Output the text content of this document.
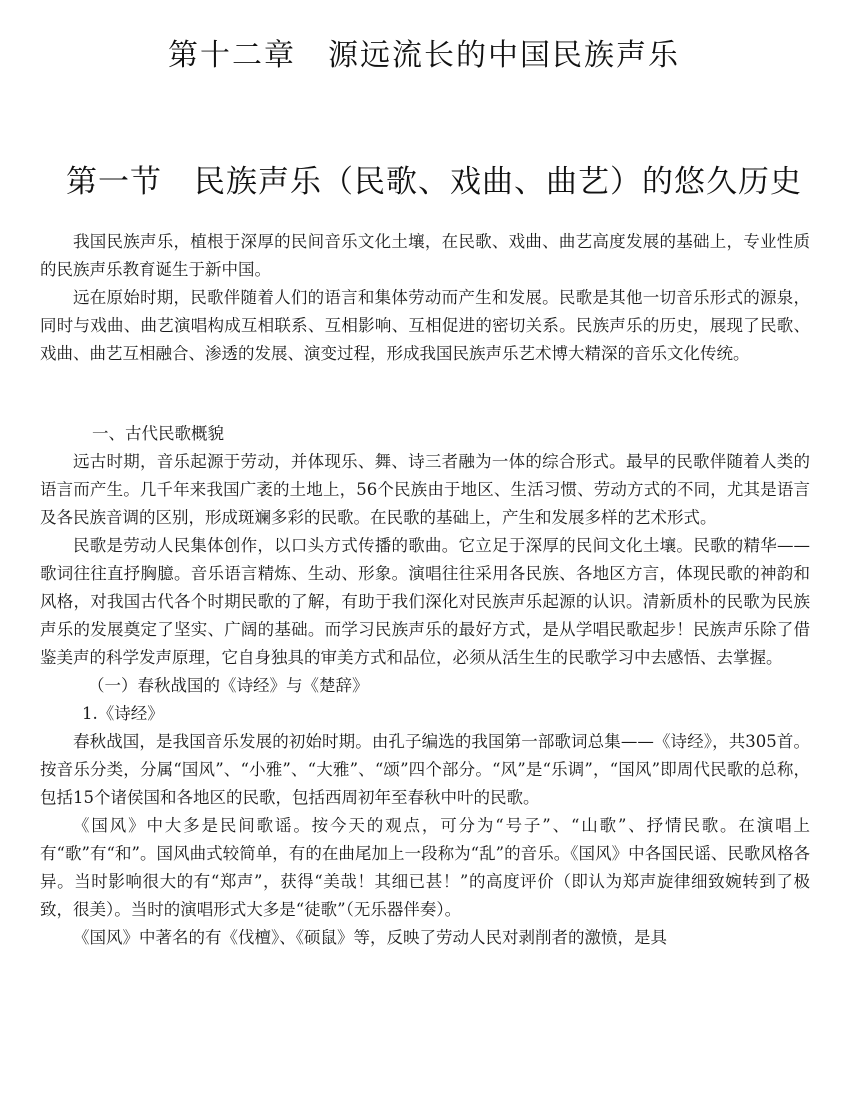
第十二章　源远流长的中国民族声乐
第一节　民族声乐（民歌、戏曲、曲艺）的悠久历史

我国民族声乐，植根于深厚的民间音乐文化土壤，在民歌、戏曲、曲艺高度发展的基础上，专业性质的民族声乐教育诞生于新中国。

远在原始时期，民歌伴随着人们的语言和集体劳动而产生和发展。民歌是其他一切音乐形式的源泉，同时与戏曲、曲艺演唱构成互相联系、互相影响、互相促进的密切关系。民族声乐的历史，展现了民歌、戏曲、曲艺互相融合、渗透的发展、演变过程，形成我国民族声乐艺术博大精深的音乐文化传统。

一、古代民歌概貌

远古时期，音乐起源于劳动，并体现乐、舞、诗三者融为一体的综合形式。最早的民歌伴随着人类的语言而产生。几千年来我国广袤的土地上，56个民族由于地区、生活习惯、劳动方式的不同，尤其是语言及各民族音调的区别，形成斑斓多彩的民歌。在民歌的基础上，产生和发展多样的艺术形式。

民歌是劳动人民集体创作，以口头方式传播的歌曲。它立足于深厚的民间文化土壤。民歌的精华——歌词往往直抒胸臆。音乐语言精炼、生动、形象。演唱往往采用各民族、各地区方言，体现民歌的神韵和风格，对我国古代各个时期民歌的了解，有助于我们深化对民族声乐起源的认识。清新质朴的民歌为民族声乐的发展奠定了坚实、广阔的基础。而学习民族声乐的最好方式，是从学唱民歌起步！民族声乐除了借鉴美声的科学发声原理，它自身独具的审美方式和品位，必须从活生生的民歌学习中去感悟、去掌握。

（一）春秋战国的《诗经》与《楚辞》

1.《诗经》

春秋战国，是我国音乐发展的初始时期。由孔子编选的我国第一部歌词总集——《诗经》，共305首。按音乐分类，分属“国风”、“小雅”、“大雅”、“颂”四个部分。“风”是“乐调”，“国风”即周代民歌的总称，包括15个诸侯国和各地区的民歌，包括西周初年至春秋中叶的民歌。

《国风》中大多是民间歌谣。按今天的观点，可分为“号子”、“山歌”、抒情民歌。在演唱上有“歌”有“和”。国风曲式较简单，有的在曲尾加上一段称为“乱”的音乐。《国风》中各国民谣、民歌风格各异。当时影响很大的有“郑声”，获得“美哉！其细已甚！”的高度评价（即认为郑声旋律细致婉转到了极致，很美）。当时的演唱形式大多是“徒歌”（无乐器伴奏）。

《国风》中著名的有《伐檀》、《硕鼠》等，反映了劳动人民对剥削者的激愤，是具
